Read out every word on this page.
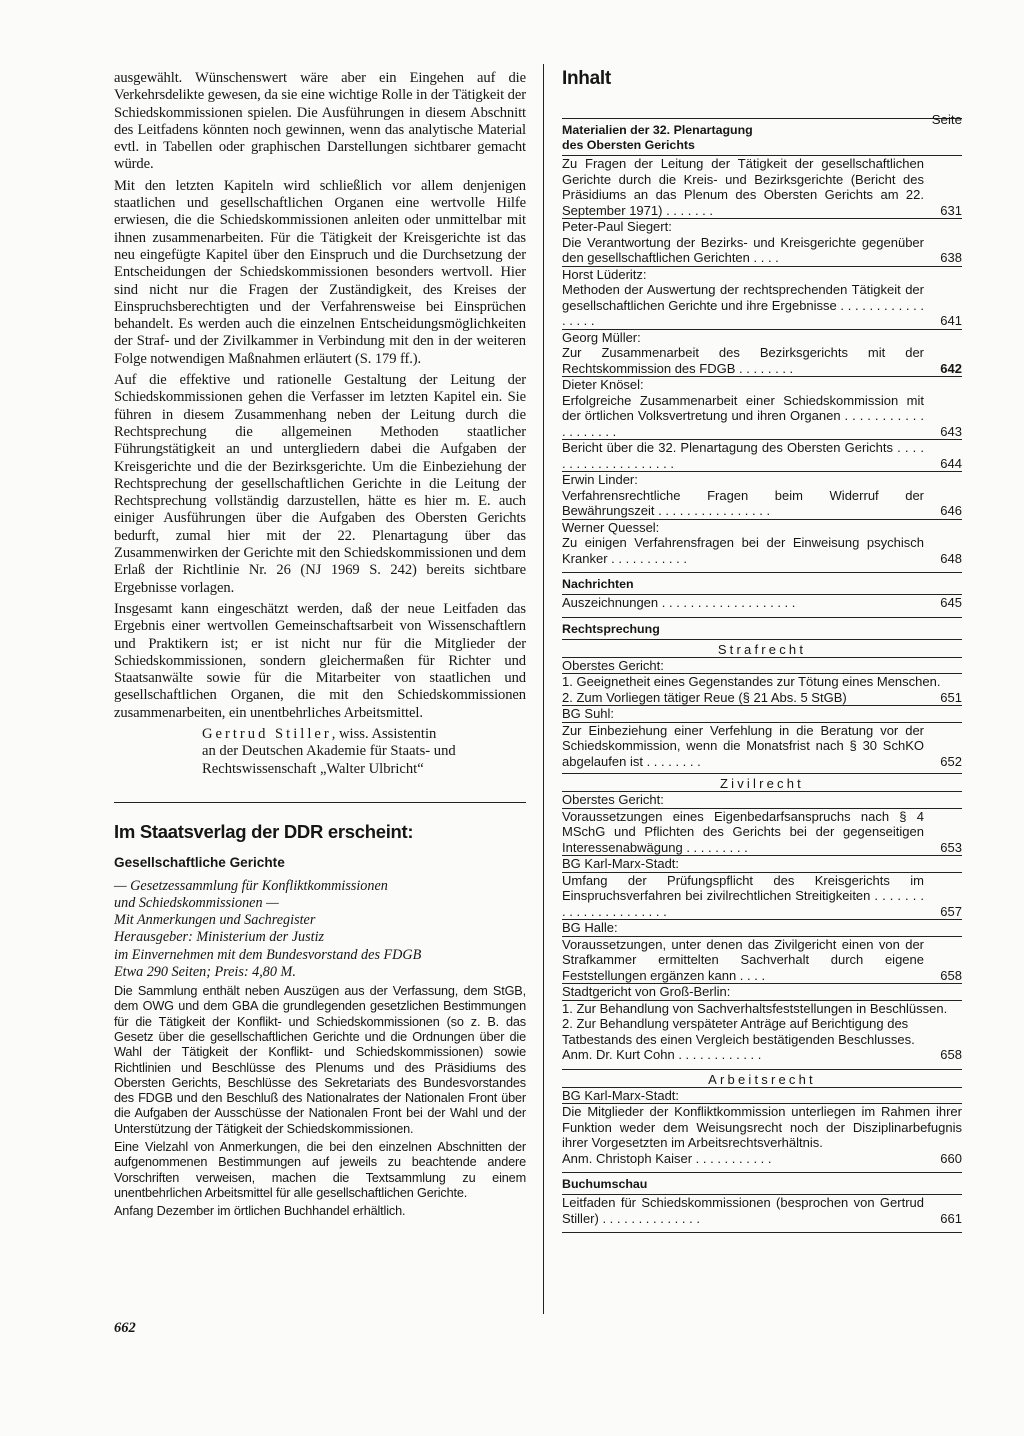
ausgewählt. Wünschenswert wäre aber ein Eingehen auf die Verkehrsdelikte gewesen, da sie eine wichtige Rolle in der Tätigkeit der Schiedskommissionen spielen. Die Ausführungen in diesem Abschnitt des Leitfadens könnten noch gewinnen, wenn das analytische Material evtl. in Tabellen oder graphischen Darstellungen sichtbarer gemacht würde.

Mit den letzten Kapiteln wird schließlich vor allem denjenigen staatlichen und gesellschaftlichen Organen eine wertvolle Hilfe erwiesen, die die Schiedskommissionen anleiten oder unmittelbar mit ihnen zusammenarbeiten. Für die Tätigkeit der Kreisgerichte ist das neu eingefügte Kapitel über den Einspruch und die Durchsetzung der Entscheidungen der Schiedskommissionen besonders wertvoll. Hier sind nicht nur die Fragen der Zuständigkeit, des Kreises der Einspruchsberechtigten und der Verfahrensweise bei Einsprüchen behandelt. Es werden auch die einzelnen Entscheidungsmöglichkeiten der Straf- und der Zivilkammer in Verbindung mit den in der weiteren Folge notwendigen Maßnahmen erläutert (S. 179 ff.).

Auf die effektive und rationelle Gestaltung der Leitung der Schiedskommissionen gehen die Verfasser im letzten Kapitel ein. Sie führen in diesem Zusammenhang neben der Leitung durch die Rechtsprechung die allgemeinen Methoden staatlicher Führungstätigkeit an und untergliedern dabei die Aufgaben der Kreisgerichte und die der Bezirksgerichte. Um die Einbeziehung der Rechtsprechung der gesellschaftlichen Gerichte in die Leitung der Rechtsprechung vollständig darzustellen, hätte es hier m. E. auch einiger Ausführungen über die Aufgaben des Obersten Gerichts bedurft, zumal hier mit der 22. Plenartagung über das Zusammenwirken der Gerichte mit den Schiedskommissionen und dem Erlaß der Richtlinie Nr. 26 (NJ 1969 S. 242) bereits sichtbare Ergebnisse vorlagen.

Insgesamt kann eingeschätzt werden, daß der neue Leitfaden das Ergebnis einer wertvollen Gemeinschaftsarbeit von Wissenschaftlern und Praktikern ist; er ist nicht nur für die Mitglieder der Schiedskommissionen, sondern gleichermaßen für Richter und Staatsanwälte sowie für die Mitarbeiter von staatlichen und gesellschaftlichen Organen, die mit den Schiedskommissionen zusammenarbeiten, ein unentbehrliches Arbeitsmittel.

Gertrud Stiller, wiss. Assistentin
an der Deutschen Akademie für Staats- und
Rechtswissenschaft „Walter Ulbricht“
Im Staatsverlag der DDR erscheint:
Gesellschaftliche Gerichte

— Gesetzessammlung für Konfliktkommissionen

und Schiedskommissionen —

Mit Anmerkungen und Sachregister

Herausgeber: Ministerium der Justiz

im Einvernehmen mit dem Bundesvorstand des FDGB

Etwa 290 Seiten; Preis: 4,80 M.

Die Sammlung enthält neben Auszügen aus der Verfassung, dem StGB, dem OWG und dem GBA die grundlegenden gesetzlichen Bestimmungen für die Tätigkeit der Konflikt- und Schiedskommissionen (so z. B. das Gesetz über die gesellschaftlichen Gerichte und die Ordnungen über die Wahl der Tätigkeit der Konflikt- und Schiedskommissionen) sowie Richtlinien und Beschlüsse des Plenums und des Präsidiums des Obersten Gerichts, Beschlüsse des Sekretariats des Bundesvorstandes des FDGB und den Beschluß des Nationalrates der Nationalen Front über die Aufgaben der Ausschüsse der Nationalen Front bei der Wahl und der Unterstützung der Tätigkeit der Schiedskommissionen.

Eine Vielzahl von Anmerkungen, die bei den einzelnen Abschnitten der aufgenommenen Bestimmungen auf jeweils zu beachtende andere Vorschriften verweisen, machen die Textsammlung zu einem unentbehrlichen Arbeitsmittel für alle gesellschaftlichen Gerichte.

Anfang Dezember im örtlichen Buchhandel erhältlich.

662
Inhalt
Seite
Materialien der 32. Plenartagung
des Obersten Gerichts
Zu Fragen der Leitung der Tätigkeit der gesellschaftlichen Gerichte durch die Kreis- und Bezirksgerichte (Bericht des Präsidiums an das Plenum des Obersten Gerichts am 22. September 1971) . . . . . . .	631
Peter-Paul Siegert:
Die Verantwortung der Bezirks- und Kreisgerichte gegenüber den gesellschaftlichen Gerichten . . . .	638
Horst Lüderitz:
Methoden der Auswertung der rechtsprechenden Tätigkeit der gesellschaftlichen Gerichte und ihre Ergebnisse . . . . . . . . . . . . . . . . .	641
Georg Müller:
Zur Zusammenarbeit des Bezirksgerichts mit der Rechtskommission des FDGB . . . . . . . .	642
Dieter Knösel:
Erfolgreiche Zusammenarbeit einer Schiedskommission mit der örtlichen Volksvertretung und ihren Organen . . . . . . . . . . . . . . . . . . .	643
Bericht über die 32. Plenartagung des Obersten Gerichts . . . . . . . . . . . . . . . . . . . .	644
Erwin Linder:
Verfahrensrechtliche Fragen beim Widerruf der Bewährungszeit . . . . . . . . . . . . . . . .	646
Werner Quessel:
Zu einigen Verfahrensfragen bei der Einweisung psychisch Kranker . . . . . . . . . . .	648
Nachrichten
Auszeichnungen . . . . . . . . . . . . . . . . . . .	645
Rechtsprechung
Strafrecht
Oberstes Gericht:
1. Geeignetheit eines Gegenstandes zur Tötung eines Menschen.
2. Zum Vorliegen tätiger Reue (§ 21 Abs. 5 StGB)	651
BG Suhl:
Zur Einbeziehung einer Verfehlung in die Beratung vor der Schiedskommission, wenn die Monatsfrist nach § 30 SchKO abgelaufen ist . . . . . . . .	652
Zivilrecht
Oberstes Gericht:
Voraussetzungen eines Eigenbedarfsanspruchs nach § 4 MSchG und Pflichten des Gerichts bei der gegenseitigen Interessenabwägung . . . . . . . . .	653
BG Karl-Marx-Stadt:
Umfang der Prüfungspflicht des Kreisgerichts im Einspruchsverfahren bei zivilrechtlichen Streitigkeiten . . . . . . . . . . . . . . . . . . . . . .	657
BG Halle:
Voraussetzungen, unter denen das Zivilgericht einen von der Strafkammer ermittelten Sachverhalt durch eigene Feststellungen ergänzen kann . . . .	658
Stadtgericht von Groß-Berlin:
1. Zur Behandlung von Sachverhaltsfeststellungen in Beschlüssen.
2. Zur Behandlung verspäteter Anträge auf Berichtigung des Tatbestands des einen Vergleich bestätigenden Beschlusses.
Anm. Dr. Kurt Cohn . . . . . . . . . . . .	658
Arbeitsrecht
BG Karl-Marx-Stadt:
Die Mitglieder der Konfliktkommission unterliegen im Rahmen ihrer Funktion weder dem Weisungsrecht noch der Disziplinarbefugnis ihrer Vorgesetzten im Arbeitsrechtsverhältnis.
Anm. Christoph Kaiser . . . . . . . . . . .	660
Buchumschau
Leitfaden für Schiedskommissionen (besprochen von Gertrud Stiller) . . . . . . . . . . . . . .	661
